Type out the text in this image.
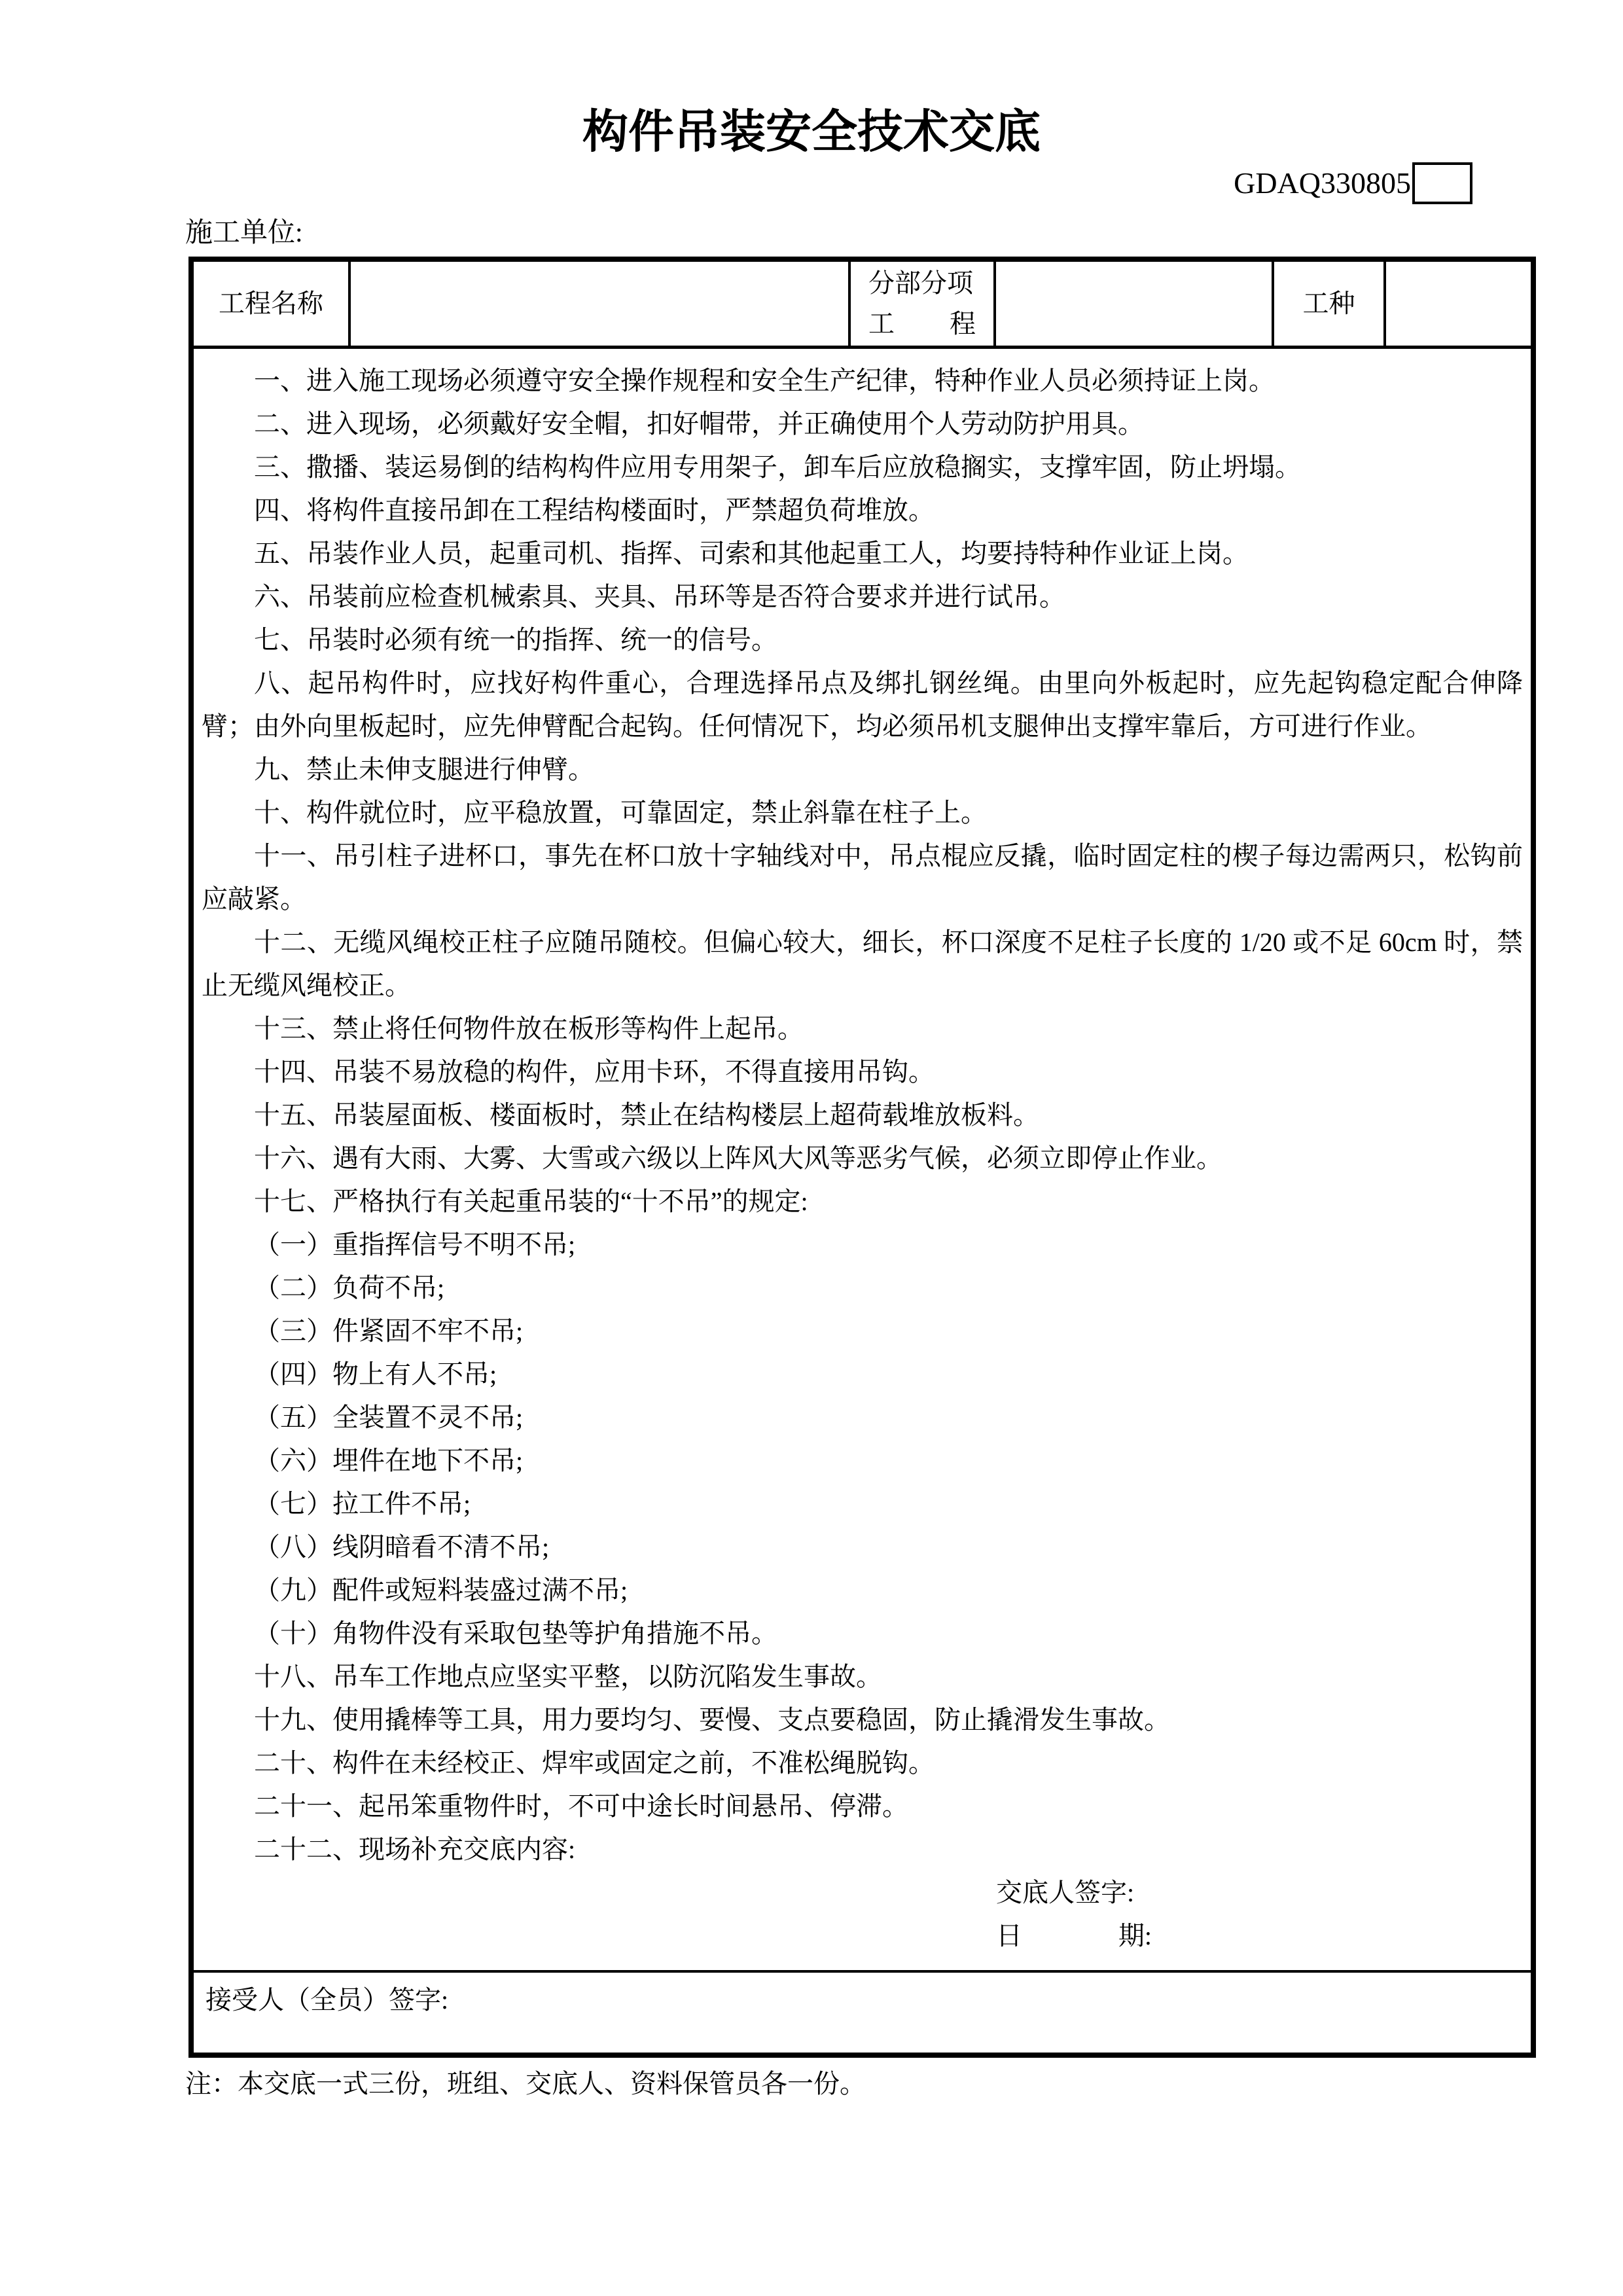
构件吊装安全技术交底
GDAQ330805
施工单位:
工程名称
分部分项
工 程
工种

一、进入施工现场必须遵守安全操作规程和安全生产纪律，特种作业人员必须持证上岗。

二、进入现场，必须戴好安全帽，扣好帽带，并正确使用个人劳动防护用具。

三、撒播、装运易倒的结构构件应用专用架子，卸车后应放稳搁实，支撑牢固，防止坍塌。

四、将构件直接吊卸在工程结构楼面时，严禁超负荷堆放。

五、吊装作业人员，起重司机、指挥、司索和其他起重工人，均要持特种作业证上岗。

六、吊装前应检查机械索具、夹具、吊环等是否符合要求并进行试吊。

七、吊装时必须有统一的指挥、统一的信号。

八、起吊构件时，应找好构件重心，合理选择吊点及绑扎钢丝绳。由里向外板起时，应先起钩稳定配合伸降臂；由外向里板起时，应先伸臂配合起钩。任何情况下，均必须吊机支腿伸出支撑牢靠后，方可进行作业。

九、禁止未伸支腿进行伸臂。

十、构件就位时，应平稳放置，可靠固定，禁止斜靠在柱子上。

十一、吊引柱子进杯口，事先在杯口放十字轴线对中，吊点棍应反撬，临时固定柱的楔子每边需两只，松钩前应敲紧。

十二、无缆风绳校正柱子应随吊随校。但偏心较大，细长，杯口深度不足柱子长度的 1/20 或不足 60cm 时，禁止无缆风绳校正。

十三、禁止将任何物件放在板形等构件上起吊。

十四、吊装不易放稳的构件，应用卡环，不得直接用吊钩。

十五、吊装屋面板、楼面板时，禁止在结构楼层上超荷载堆放板料。

十六、遇有大雨、大雾、大雪或六级以上阵风大风等恶劣气候，必须立即停止作业。

十七、严格执行有关起重吊装的“十不吊”的规定:

（一）重指挥信号不明不吊;

（二）负荷不吊;

（三）件紧固不牢不吊;

（四）物上有人不吊;

（五）全装置不灵不吊;

（六）埋件在地下不吊;

（七）拉工件不吊;

（八）线阴暗看不清不吊;

（九）配件或短料装盛过满不吊;

（十）角物件没有采取包垫等护角措施不吊。

十八、吊车工作地点应坚实平整，以防沉陷发生事故。

十九、使用撬棒等工具，用力要均匀、要慢、支点要稳固，防止撬滑发生事故。

二十、构件在未经校正、焊牢或固定之前，不准松绳脱钩。

二十一、起吊笨重物件时，不可中途长时间悬吊、停滞。

二十二、现场补充交底内容:

交底人签字:
日	期:
接受人（全员）签字:
注：本交底一式三份，班组、交底人、资料保管员各一份。
